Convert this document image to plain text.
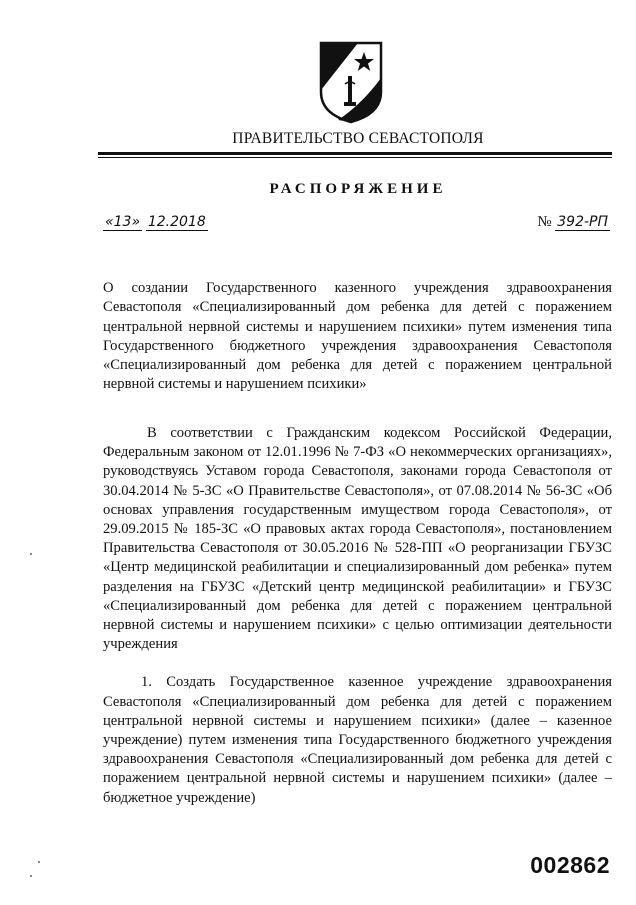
ПРАВИТЕЛЬСТВО СЕВАСТОПОЛЯ
РАСПОРЯЖЕНИЕ
«13» 12.2018	№ 392-РП
О создании Государственного казенного учреждения здравоохранения Севастополя «Специализированный дом ребенка для детей с поражением центральной нервной системы и нарушением психики» путем изменения типа Государственного бюджетного учреждения здравоохранения Севастополя «Специализированный дом ребенка для детей с поражением центральной нервной системы и нарушением психики»

В соответствии с Гражданским кодексом Российской Федерации, Федеральным законом от 12.01.1996 № 7-ФЗ «О некоммерческих организациях», руководствуясь Уставом города Севастополя, законами города Севастополя от 30.04.2014 № 5-ЗС «О Правительстве Севастополя», от 07.08.2014 № 56-ЗС «Об основах управления государственным имуществом города Севастополя», от 29.09.2015 № 185-ЗС «О правовых актах города Севастополя», постановлением Правительства Севастополя от 30.05.2016 № 528-ПП «О реорганизации ГБУЗС «Центр медицинской реабилитации и специализированный дом ребенка» путем разделения на ГБУЗС «Детский центр медицинской реабилитации» и ГБУЗС «Специализированный дом ребенка для детей с поражением центральной нервной системы и нарушением психики» с целью оптимизации деятельности учреждения

1. Создать Государственное казенное учреждение здравоохранения Севастополя «Специализированный дом ребенка для детей с поражением центральной нервной системы и нарушением психики» (далее – казенное учреждение) путем изменения типа Государственного бюджетного учреждения здравоохранения Севастополя «Специализированный дом ребенка для детей с поражением центральной нервной системы и нарушением психики» (далее – бюджетное учреждение)

002862
